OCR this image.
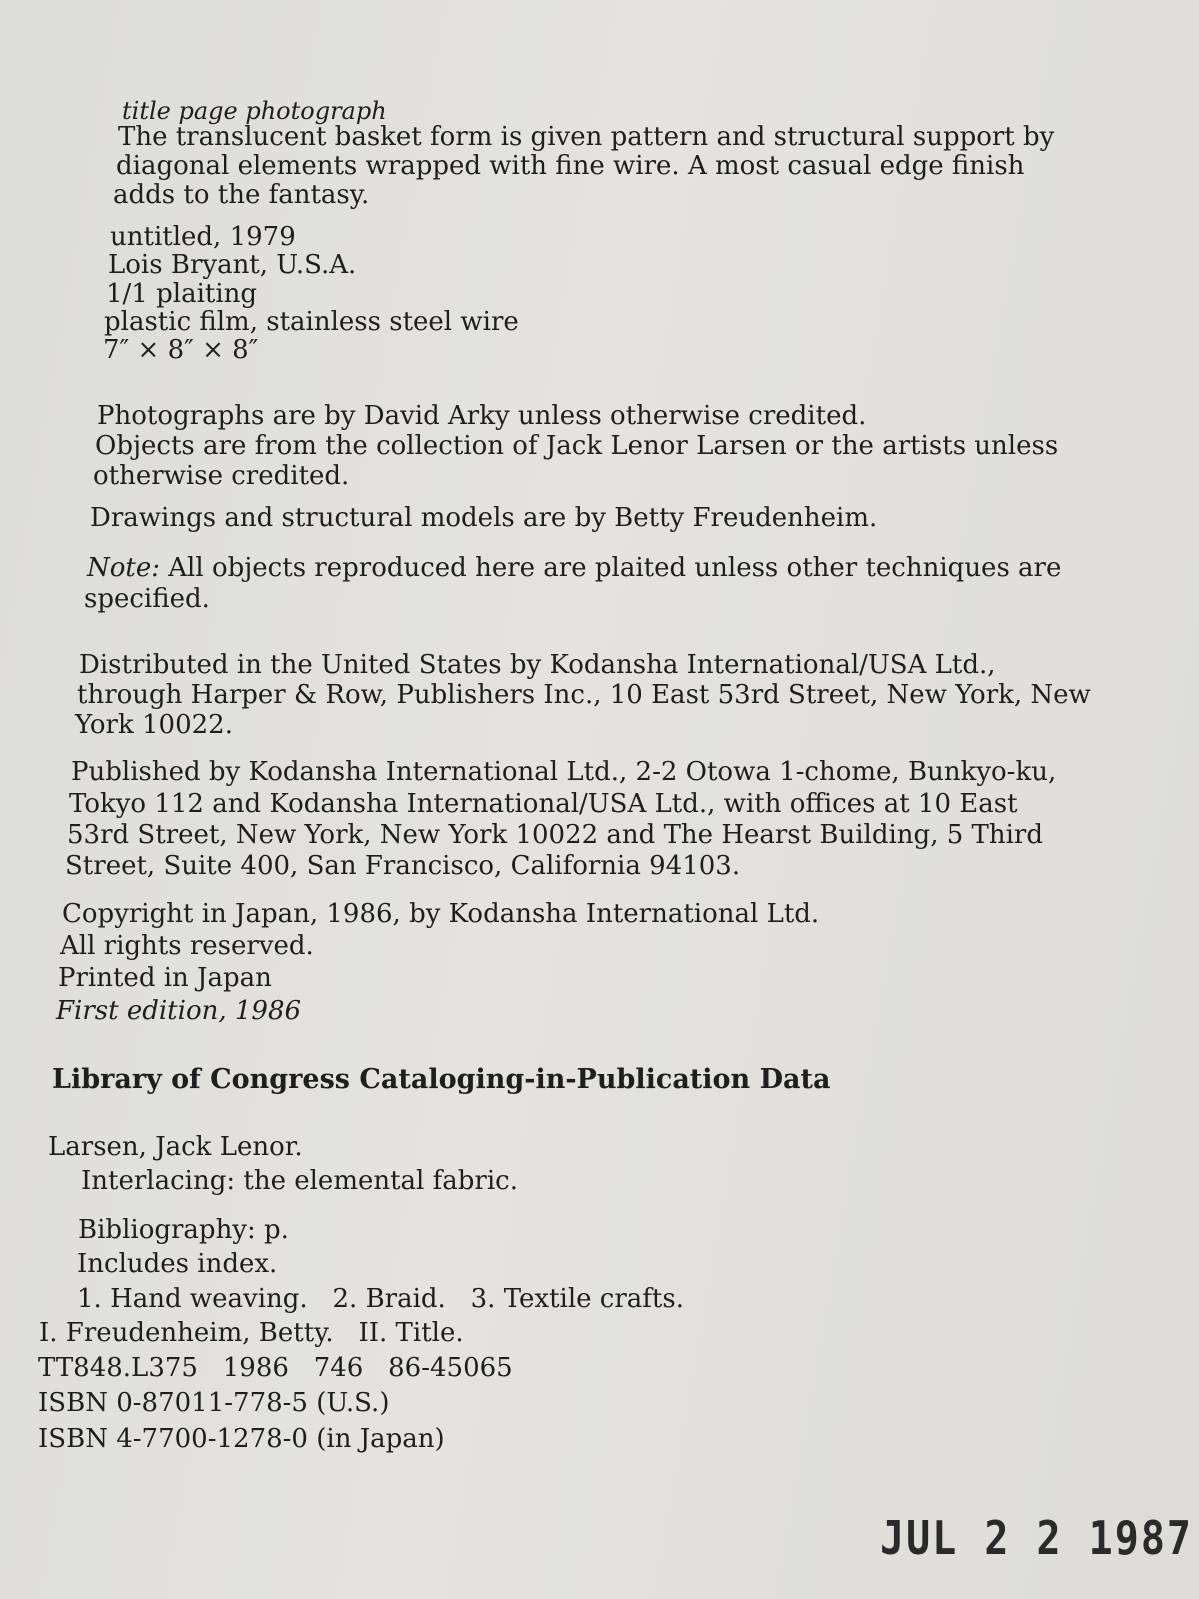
title page photograph
The translucent basket form is given pattern and structural support by
diagonal elements wrapped with fine wire. A most casual edge finish
adds to the fantasy.
untitled, 1979
Lois Bryant, U.S.A.
1/1 plaiting
plastic film, stainless steel wire
7″ × 8″ × 8″
Photographs are by David Arky unless otherwise credited.
Objects are from the collection of Jack Lenor Larsen or the artists unless
otherwise credited.
Drawings and structural models are by Betty Freudenheim.
Note: All objects reproduced here are plaited unless other techniques are
specified.
Distributed in the United States by Kodansha International/USA Ltd.,
through Harper & Row, Publishers Inc., 10 East 53rd Street, New York, New
York 10022.
Published by Kodansha International Ltd., 2-2 Otowa 1-chome, Bunkyo-ku,
Tokyo 112 and Kodansha International/USA Ltd., with offices at 10 East
53rd Street, New York, New York 10022 and The Hearst Building, 5 Third
Street, Suite 400, San Francisco, California 94103.
Copyright in Japan, 1986, by Kodansha International Ltd.
All rights reserved.
Printed in Japan
First edition, 1986
Library of Congress Cataloging-in-Publication Data
Larsen, Jack Lenor.
Interlacing: the elemental fabric.
Bibliography: p.
Includes index.
1. Hand weaving.   2. Braid.   3. Textile crafts.
I. Freudenheim, Betty.   II. Title.
TT848.L375   1986   746   86-45065
ISBN 0-87011-778-5 (U.S.)
ISBN 4-7700-1278-0 (in Japan)
JUL 2 2 1987
